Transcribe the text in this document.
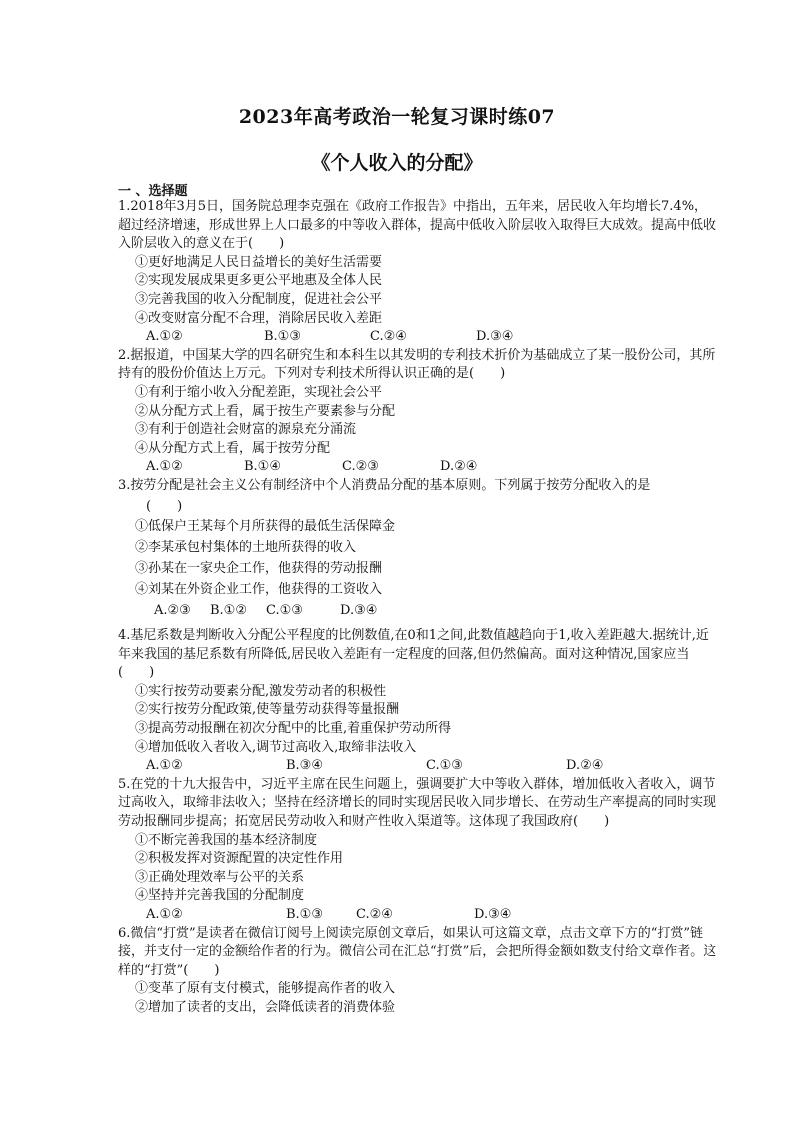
2023年高考政治一轮复习课时练07
《个人收入的分配》
一 、选择题

1.2018年3月5日，国务院总理李克强在《政府工作报告》中指出，五年来，居民收入年均增长7.4%，超过经济增速，形成世界上人口最多的中等收入群体，提高中低收入阶层收入取得巨大成效。提高中低收入阶层收入的意义在于(　　)

①更好地满足人民日益增长的美好生活需要

②实现发展成果更多更公平地惠及全体人民

③完善我国的收入分配制度，促进社会公平

④改变财富分配不合理，消除居民收入差距

A.①②	B.①③	C.②④	D.③④

2.据报道，中国某大学的四名研究生和本科生以其发明的专利技术折价为基础成立了某一股份公司，其所持有的股份价值达上万元。下列对专利技术所得认识正确的是(　　)

①有利于缩小收入分配差距，实现社会公平

②从分配方式上看，属于按生产要素参与分配

③有利于创造社会财富的源泉充分涌流

④从分配方式上看，属于按劳分配

A.①②	B.①④	C.②③	D.②④

3.按劳分配是社会主义公有制经济中个人消费品分配的基本原则。下列属于按劳分配收入的是
(　　)

①低保户王某每个月所获得的最低生活保障金

②李某承包村集体的土地所获得的收入

③孙某在一家央企工作，他获得的劳动报酬

④刘某在外资企业工作，他获得的工资收入

A.②③ B.①② C.①③	D.③④

4.基尼系数是判断收入分配公平程度的比例数值,在0和1之间,此数值越趋向于1,收入差距越大.据统计,近年来我国的基尼系数有所降低,居民收入差距有一定程度的回落,但仍然偏高。面对这种情况,国家应当(　　)

①实行按劳动要素分配,激发劳动者的积极性

②实行按劳分配政策,使等量劳动获得等量报酬

③提高劳动报酬在初次分配中的比重,着重保护劳动所得

④增加低收入者收入,调节过高收入,取缔非法收入

A.①②	B.③④	C.①③	D.②④

5.在党的十九大报告中，习近平主席在民生问题上，强调要扩大中等收入群体，增加低收入者收入，调节过高收入，取缔非法收入；坚持在经济增长的同时实现居民收入同步增长、在劳动生产率提高的同时实现劳动报酬同步提高；拓宽居民劳动收入和财产性收入渠道等。这体现了我国政府(　　)

①不断完善我国的基本经济制度

②积极发挥对资源配置的决定性作用

③正确处理效率与公平的关系

④坚持并完善我国的分配制度

A.①②	B.①③	C.②④	D.③④

6.微信“打赏”是读者在微信订阅号上阅读完原创文章后，如果认可这篇文章，点击文章下方的“打赏”链接，并支付一定的金额给作者的行为。微信公司在汇总“打赏”后，会把所得金额如数支付给文章作者。这样的“打赏”(　　)

①变革了原有支付模式，能够提高作者的收入

②增加了读者的支出，会降低读者的消费体验
